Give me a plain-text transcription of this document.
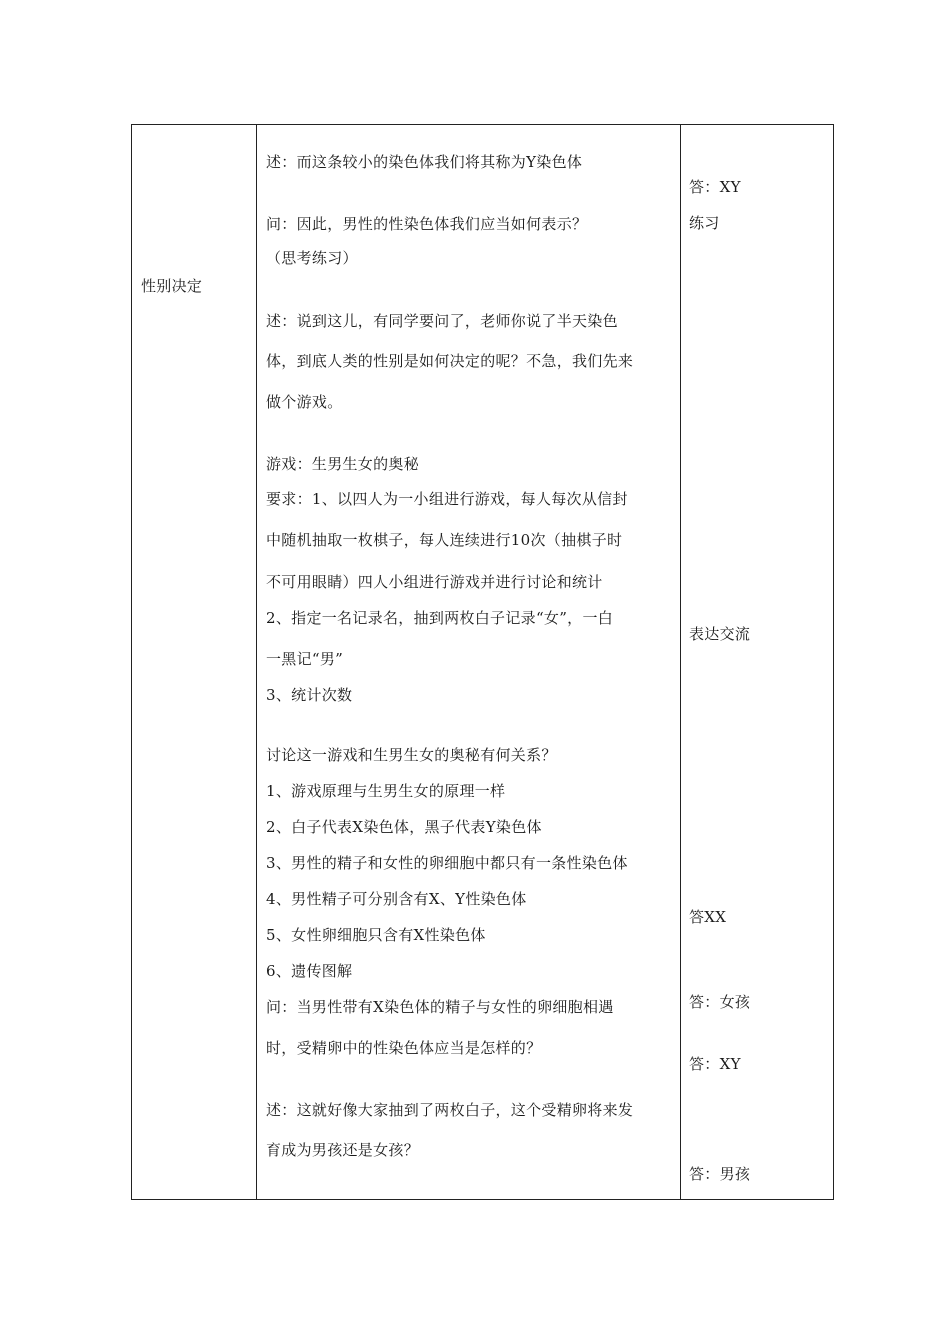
性别决定
述：而这条较小的染色体我们将其称为Y染色体
问：因此，男性的性染色体我们应当如何表示？
（思考练习）
述：说到这儿，有同学要问了，老师你说了半天染色
体，到底人类的性别是如何决定的呢？不急，我们先来
做个游戏。
游戏：生男生女的奥秘
要求：1、以四人为一小组进行游戏，每人每次从信封
中随机抽取一枚棋子，每人连续进行10次（抽棋子时
不可用眼睛）四人小组进行游戏并进行讨论和统计
2、指定一名记录名，抽到两枚白子记录“女”，一白
一黑记“男”
3、统计次数
讨论这一游戏和生男生女的奥秘有何关系？
1、游戏原理与生男生女的原理一样
2、白子代表X染色体，黑子代表Y染色体
3、男性的精子和女性的卵细胞中都只有一条性染色体
4、男性精子可分别含有X、Y性染色体
5、女性卵细胞只含有X性染色体
6、遗传图解
问：当男性带有X染色体的精子与女性的卵细胞相遇
时，受精卵中的性染色体应当是怎样的？
述：这就好像大家抽到了两枚白子，这个受精卵将来发
育成为男孩还是女孩？
答：XY
练习
表达交流
答XX
答：女孩
答：XY
答：男孩
